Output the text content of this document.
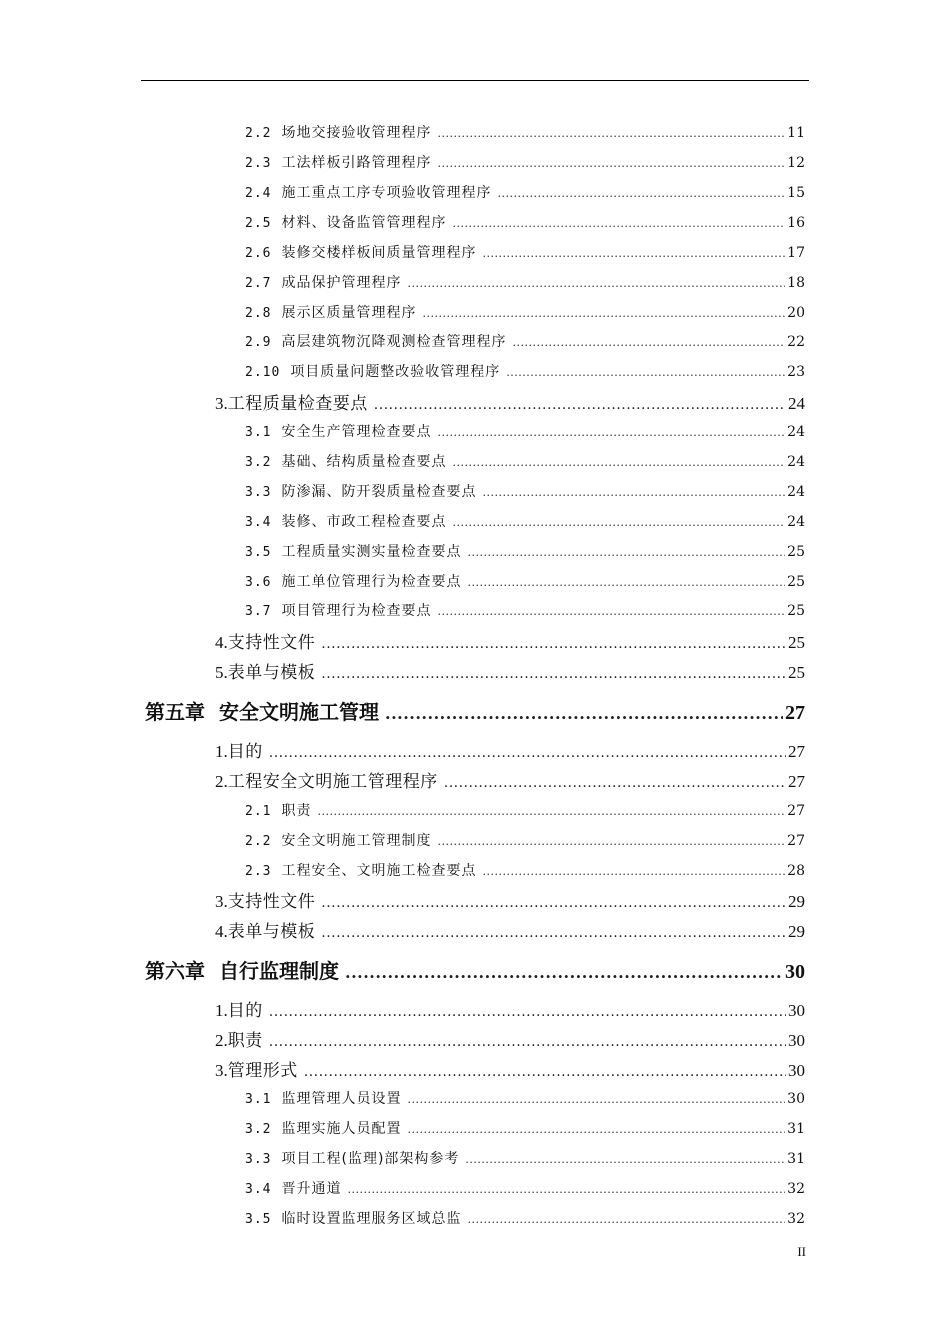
2.2 场地交接验收管理程序 .....	11
2.3 工法样板引路管理程序 .....	12
2.4 施工重点工序专项验收管理程序 .....	15
2.5 材料、设备监管管理程序 .....	16
2.6 装修交楼样板间质量管理程序 .....	17
2.7 成品保护管理程序 .....	18
2.8 展示区质量管理程序 .....	20
2.9 高层建筑物沉降观测检查管理程序 .....	22
2.10 项目质量问题整改验收管理程序 .....	23
3. 工程质量检查要点 .....	24
3.1 安全生产管理检查要点 .....	24
3.2 基础、结构质量检查要点 .....	24
3.3 防渗漏、防开裂质量检查要点 .....	24
3.4 装修、市政工程检查要点 .....	24
3.5 工程质量实测实量检查要点 .....	25
3.6 施工单位管理行为检查要点 .....	25
3.7 项目管理行为检查要点 .....	25
4. 支持性文件 .....	25
5. 表单与模板 .....	25
第五章 安全文明施工管理 .....	27
1. 目的 .....	27
2. 工程安全文明施工管理程序 .....	27
2.1 职责 .....	27
2.2 安全文明施工管理制度 .....	27
2.3 工程安全、文明施工检查要点 .....	28
3. 支持性文件 .....	29
4. 表单与模板 .....	29
第六章 自行监理制度 .....	30
1. 目的 .....	30
2. 职责 .....	30
3. 管理形式 .....	30
3.1 监理管理人员设置 .....	30
3.2 监理实施人员配置 .....	31
3.3 项目工程(监理)部架构参考 .....	31
3.4 晋升通道 .....	32
3.5 临时设置监理服务区域总监 .....	32
II
